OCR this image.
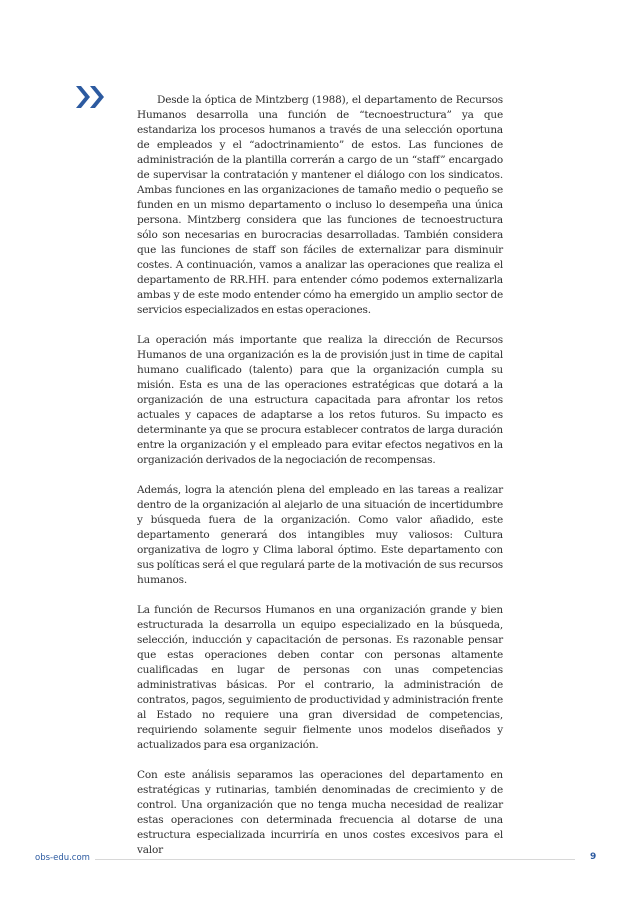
Desde la óptica de Mintzberg (1988), el departamento de Recursos Humanos desarrolla una función de “tecnoestructura” ya que estandariza los procesos humanos a través de una selección oportuna de empleados y el “adoctrinamiento” de estos. Las funciones de administración de la plantilla correrán a cargo de un “staff” encargado de supervisar la contratación y mantener el diálogo con los sindicatos. Ambas funciones en las organizaciones de tamaño medio o pequeño se funden en un mismo departamento o incluso lo desempeña una única persona. Mintzberg considera que las funciones de tecnoestructura sólo son necesarias en burocracias desarrolladas. También considera que las funciones de staff son fáciles de externalizar para disminuir costes. A continuación, vamos a analizar las operaciones que realiza el departamento de RR.HH. para entender cómo podemos externalizarla ambas y de este modo entender cómo ha emergido un amplio sector de servicios especializados en estas operaciones.

La operación más importante que realiza la dirección de Recursos Humanos de una organización es la de provisión just in time de capital humano cualificado (talento) para que la organización cumpla su misión. Esta es una de las operaciones estratégicas que dotará a la organización de una estructura capacitada para afrontar los retos actuales y capaces de adaptarse a los retos futuros. Su impacto es determinante ya que se procura establecer contratos de larga duración entre la organización y el empleado para evitar efectos negativos en la organización derivados de la negociación de recompensas.

Además, logra la atención plena del empleado en las tareas a realizar dentro de la organización al alejarlo de una situación de incertidumbre y búsqueda fuera de la organización. Como valor añadido, este departamento generará dos intangibles muy valiosos: Cultura organizativa de logro y Clima laboral óptimo. Este departamento con sus políticas será el que regulará parte de la motivación de sus recursos humanos.

La función de Recursos Humanos en una organización grande y bien estructurada la desarrolla un equipo especializado en la búsqueda, selección, inducción y capacitación de personas. Es razonable pensar que estas operaciones deben contar con personas altamente cualificadas en lugar de personas con unas competencias administrativas básicas. Por el contrario, la administración de contratos, pagos, seguimiento de productividad y administración frente al Estado no requiere una gran diversidad de competencias, requiriendo solamente seguir fielmente unos modelos diseñados y actualizados para esa organización.

Con este análisis separamos las operaciones del departamento en estratégicas y rutinarias, también denominadas de crecimiento y de control. Una organización que no tenga mucha necesidad de realizar estas operaciones con determinada frecuencia al dotarse de una estructura especializada incurriría en unos costes excesivos para el valor

obs-edu.com	9
